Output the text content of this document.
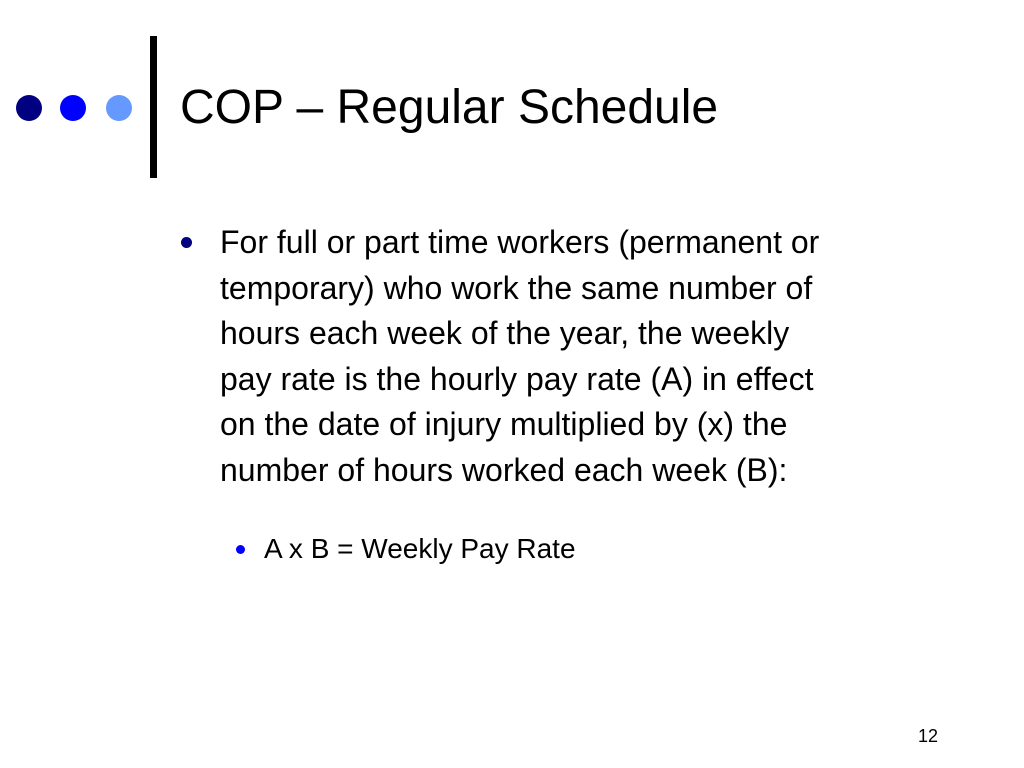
COP – Regular Schedule
For full or part time workers (permanent or
temporary) who work the same number of
hours each week of the year, the weekly
pay rate is the hourly pay rate (A) in effect
on the date of injury multiplied by (x) the
number of hours worked each week (B):
A x B = Weekly Pay Rate
12
